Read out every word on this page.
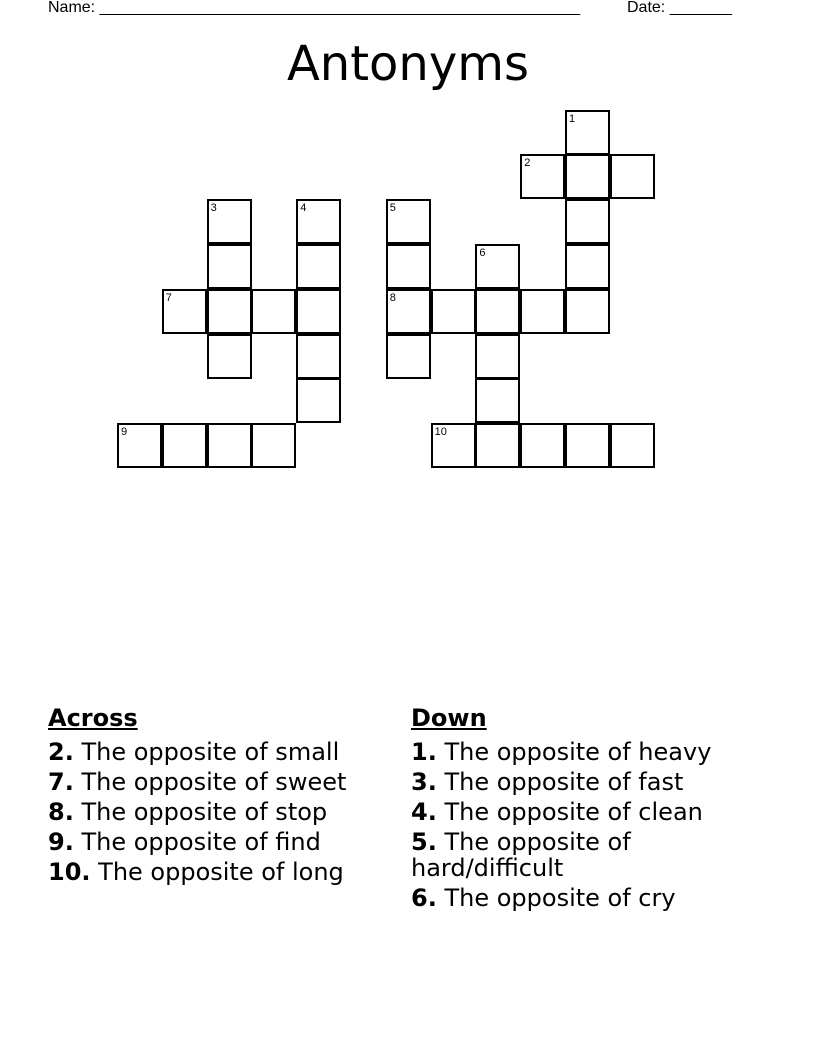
Name: ______________________________________________________	Date: _______
Antonyms
1
2
3	4	5
6
7	8
9	10
Across
2. The opposite of small
7. The opposite of sweet
8. The opposite of stop
9. The opposite of find
10. The opposite of long
Down
1. The opposite of heavy
3. The opposite of fast
4. The opposite of clean
5. The opposite of hard/difficult
6. The opposite of cry
